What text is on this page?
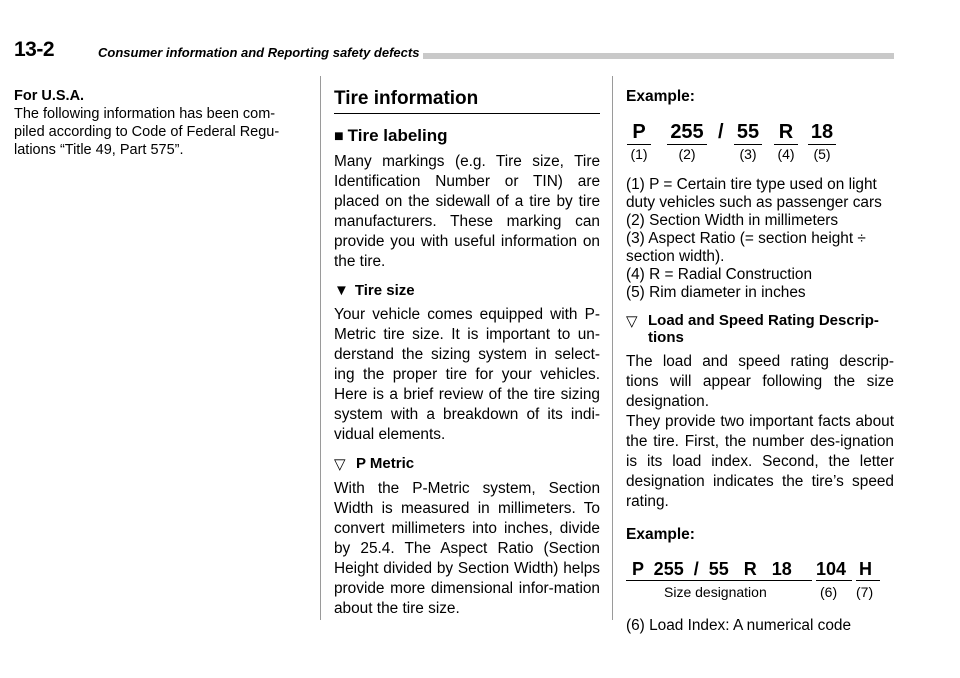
13-2	Consumer information and Reporting safety defects
For U.S.A.
The following information has been com-piled according to Code of Federal Regu-lations “Title 49, Part 575”.
Tire information
■ Tire labeling
Many markings (e.g. Tire size, Tire Identification Number or TIN) are placed on the sidewall of a tire by tire manufacturers. These marking can provide you with useful information on the tire.
▼ Tire size
Your vehicle comes equipped with P-Metric tire size. It is important to un-derstand the sizing system in select-ing the proper tire for your vehicles. Here is a brief review of the tire sizing system with a breakdown of its indi-vidual elements.
▽ P Metric
With the P-Metric system, Section Width is measured in millimeters. To convert millimeters into inches, divide by 25.4. The Aspect Ratio (Section Height divided by Section Width) helps provide more dimensional infor-mation about the tire size.
Example:
P
(1)
255
(2)
/ 55
(3)
R
(4)
18
(5)
(1) P = Certain tire type used on light duty vehicles such as passenger cars
(2) Section Width in millimeters
(3) Aspect Ratio (= section height ÷ section width).
(4) R = Radial Construction
(5) Rim diameter in inches
▽ Load and Speed Rating Descrip-tions
The load and speed rating descrip-tions will appear following the size designation.
They provide two important facts about the tire. First, the number des-ignation is its load index. Second, the letter designation indicates the tire’s speed rating.
Example:
P  255  /  55   R   18 104 H
Size designation	(6) (7)
(6) Load Index: A numerical code
